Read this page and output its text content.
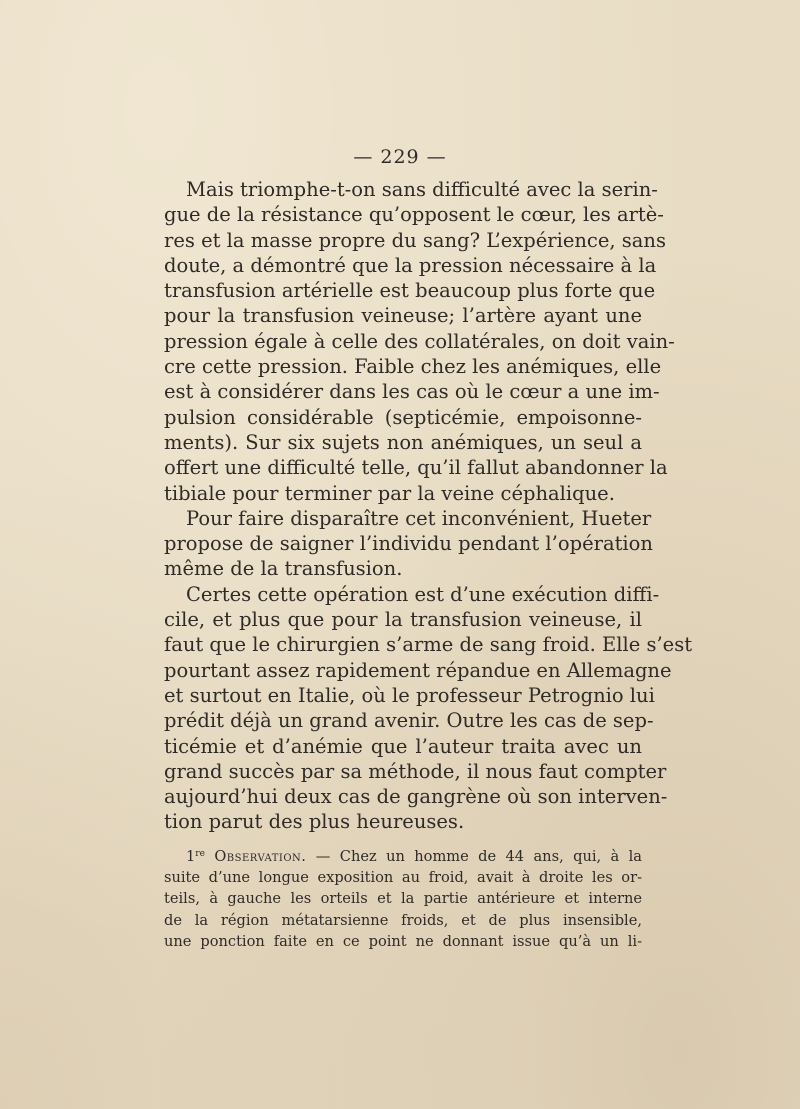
— 229 —
Mais triomphe-t-on sans difficulté avec la serin-
gue de la résistance qu’opposent le cœur, les artè-
res et la masse propre du sang? L’expérience, sans
doute, a démontré que la pression nécessaire à la
transfusion artérielle est beaucoup plus forte que
pour la transfusion veineuse; l’artère ayant une
pression égale à celle des collatérales, on doit vain-
cre cette pression. Faible chez les anémiques, elle
est à considérer dans les cas où le cœur a une im-
pulsion considérable (septicémie, empoisonne-
ments). Sur six sujets non anémiques, un seul a
offert une difficulté telle, qu’il fallut abandonner la
tibiale pour terminer par la veine céphalique.
Pour faire disparaître cet inconvénient, Hueter
propose de saigner l’individu pendant l’opération
même de la transfusion.
Certes cette opération est d’une exécution diffi-
cile, et plus que pour la transfusion veineuse, il
faut que le chirurgien s’arme de sang froid. Elle s’est
pourtant assez rapidement répandue en Allemagne
et surtout en Italie, où le professeur Petrognio lui
prédit déjà un grand avenir. Outre les cas de sep-
ticémie et d’anémie que l’auteur traita avec un
grand succès par sa méthode, il nous faut compter
aujourd’hui deux cas de gangrène où son interven-
tion parut des plus heureuses.
1re Observation. — Chez un homme de 44 ans, qui, à la
suite d’une longue exposition au froid, avait à droite les or-
teils, à gauche les orteils et la partie antérieure et interne
de la région métatarsienne froids, et de plus insensible,
une ponction faite en ce point ne donnant issue qu’à un li-
